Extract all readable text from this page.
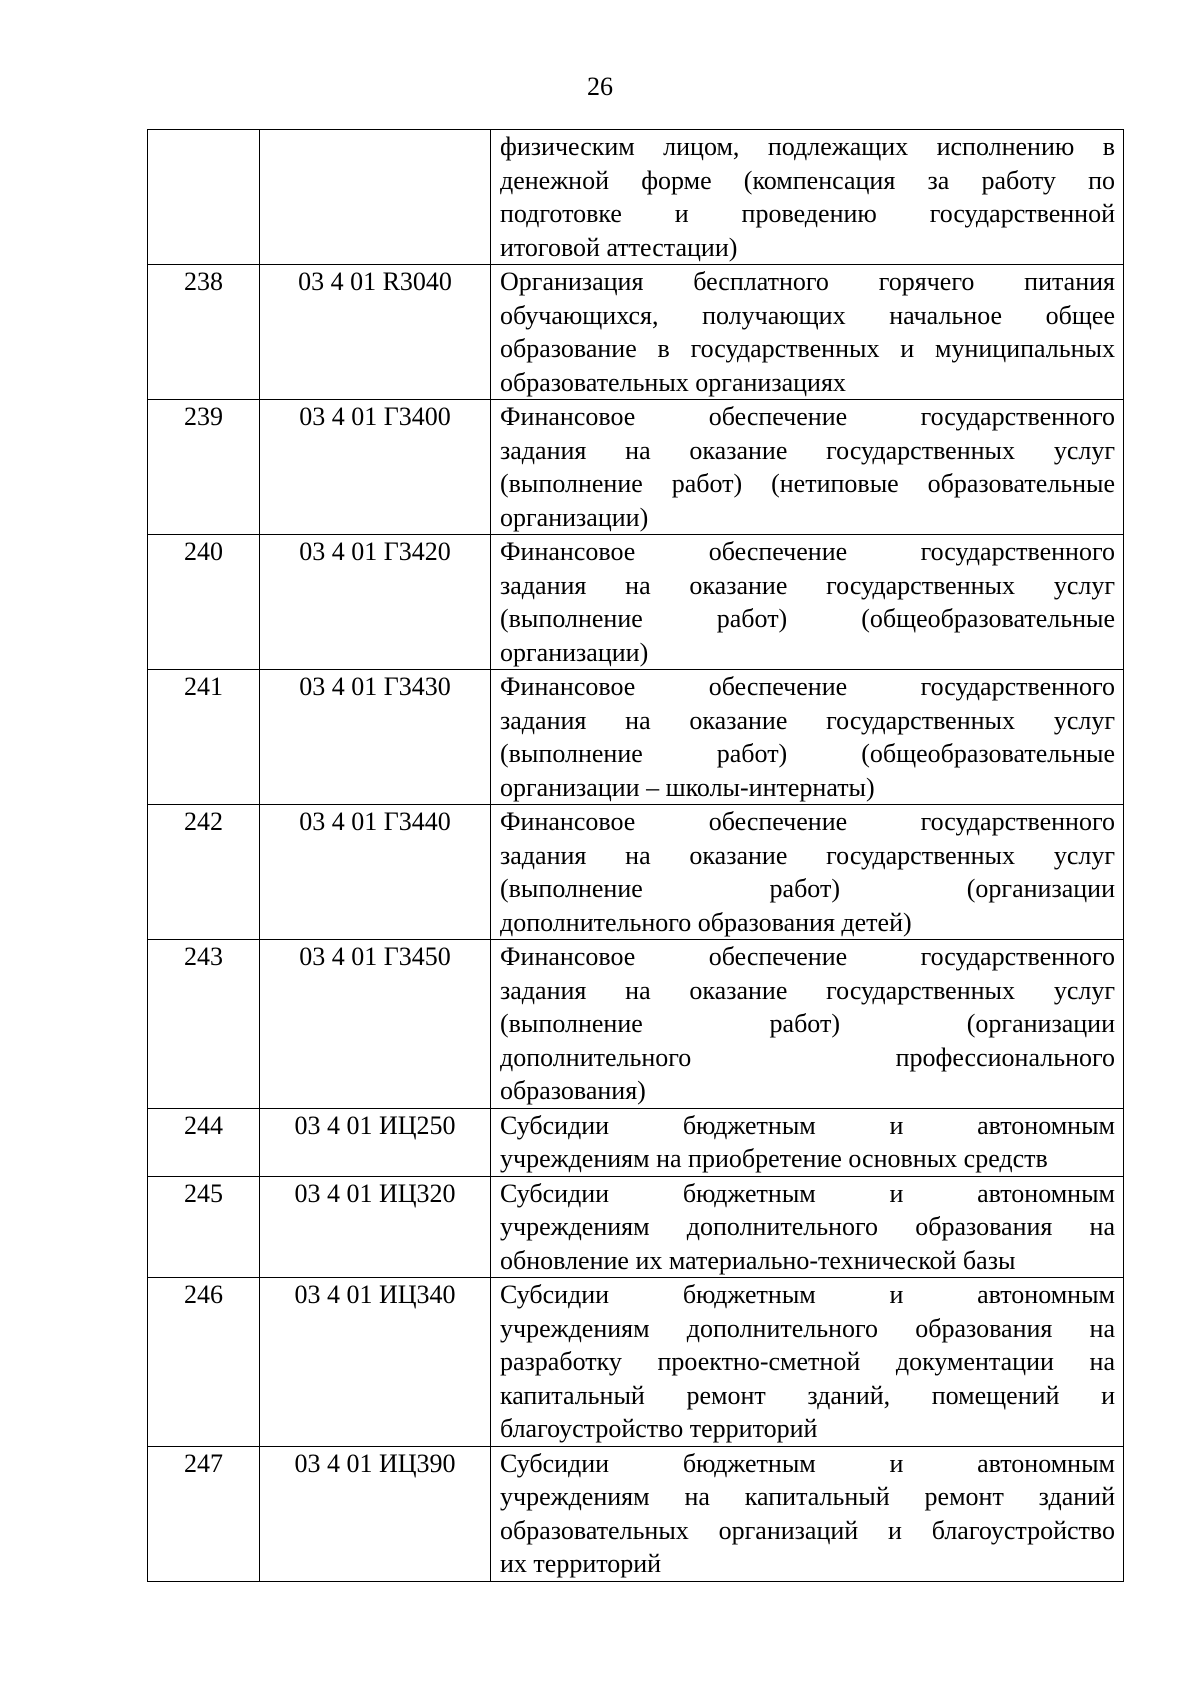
26

		физическим лицом, подлежащих исполнению в
денежной форме (компенсация за работу по
подготовке и проведению государственной
итоговой аттестации)

238	03 4 01 R3040	Организация бесплатного горячего питания
обучающихся, получающих начальное общее
образование в государственных и муниципальных
образовательных организациях

239	03 4 01 Г3400	Финансовое обеспечение государственного
задания на оказание государственных услуг
(выполнение работ) (нетиповые образовательные
организации)

240	03 4 01 Г3420	Финансовое обеспечение государственного
задания на оказание государственных услуг
(выполнение работ) (общеобразовательные
организации)

241	03 4 01 Г3430	Финансовое обеспечение государственного
задания на оказание государственных услуг
(выполнение работ) (общеобразовательные
организации – школы-интернаты)

242	03 4 01 Г3440	Финансовое обеспечение государственного
задания на оказание государственных услуг
(выполнение работ) (организации
дополнительного образования детей)

243	03 4 01 Г3450	Финансовое обеспечение государственного
задания на оказание государственных услуг
(выполнение работ) (организации
дополнительного профессионального
образования)

244	03 4 01 ИЦ250	Субсидии бюджетным и автономным
учреждениям на приобретение основных средств

245	03 4 01 ИЦ320	Субсидии бюджетным и автономным
учреждениям дополнительного образования на
обновление их материально-технической базы

246	03 4 01 ИЦ340	Субсидии бюджетным и автономным
учреждениям дополнительного образования на
разработку проектно-сметной документации на
капитальный ремонт зданий, помещений и
благоустройство территорий

247	03 4 01 ИЦ390	Субсидии бюджетным и автономным
учреждениям на капитальный ремонт зданий
образовательных организаций и благоустройство
их территорий
